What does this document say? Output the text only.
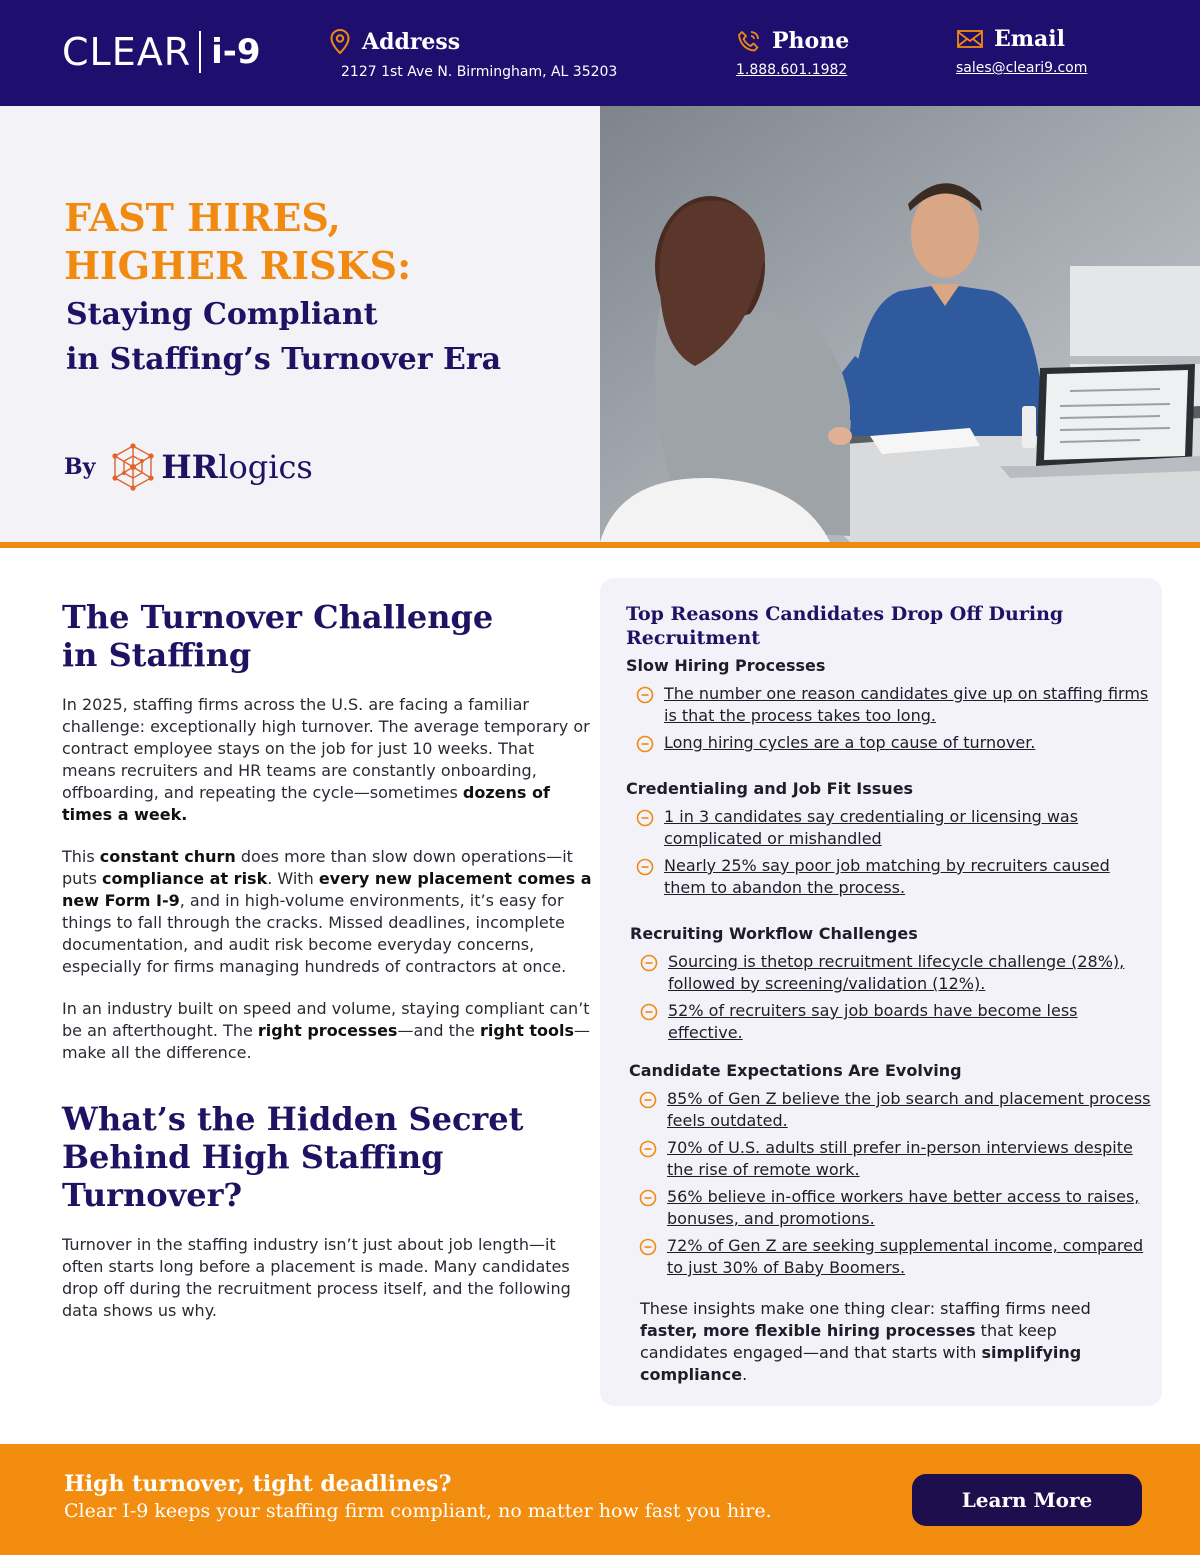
CLEAR i-9	Address
2127 1st Ave N. Birmingham, AL 35203
Phone
1.888.601.1982
Email
sales@cleari9.com
FAST HIRES,
HIGHER RISKS:
Staying Compliant
in Staffing’s Turnover Era
By HRlogics
The Turnover Challenge
in Staffing

In 2025, staffing firms across the U.S. are facing a familiar challenge: exceptionally high turnover. The average temporary or contract employee stays on the job for just 10 weeks. That means recruiters and HR teams are constantly onboarding, offboarding, and repeating the cycle—sometimes dozens of times a week.

This constant churn does more than slow down operations—it puts compliance at risk. With every new placement comes a new Form I-9, and in high-volume environments, it’s easy for things to fall through the cracks. Missed deadlines, incomplete documentation, and audit risk become everyday concerns, especially for firms managing hundreds of contractors at once.

In an industry built on speed and volume, staying compliant can’t be an afterthought. The right processes—and the right tools—make all the difference.

What’s the Hidden Secret
Behind High Staffing Turnover?

Turnover in the staffing industry isn’t just about job length—it often starts long before a placement is made. Many candidates drop off during the recruitment process itself, and the following data shows us why.

Top Reasons Candidates Drop Off During Recruitment
Slow Hiring Processes
The number one reason candidates give up on staffing firms is that the process takes too long.
Long hiring cycles are a top cause of turnover.
Credentialing and Job Fit Issues
1 in 3 candidates say credentialing or licensing was complicated or mishandled
Nearly 25% say poor job matching by recruiters caused them to abandon the process.
Recruiting Workflow Challenges
Sourcing is thetop recruitment lifecycle challenge (28%), followed by screening/validation (12%).
52% of recruiters say job boards have become less effective.
Candidate Expectations Are Evolving
85% of Gen Z believe the job search and placement process feels outdated.
70% of U.S. adults still prefer in-person interviews despite the rise of remote work.
56% believe in-office workers have better access to raises, bonuses, and promotions.
72% of Gen Z are seeking supplemental income, compared to just 30% of Baby Boomers.

These insights make one thing clear: staffing firms need faster, more flexible hiring processes that keep candidates engaged—and that starts with simplifying compliance.

High turnover, tight deadlines?
Clear I-9 keeps your staffing firm compliant, no matter how fast you hire.	Learn More
